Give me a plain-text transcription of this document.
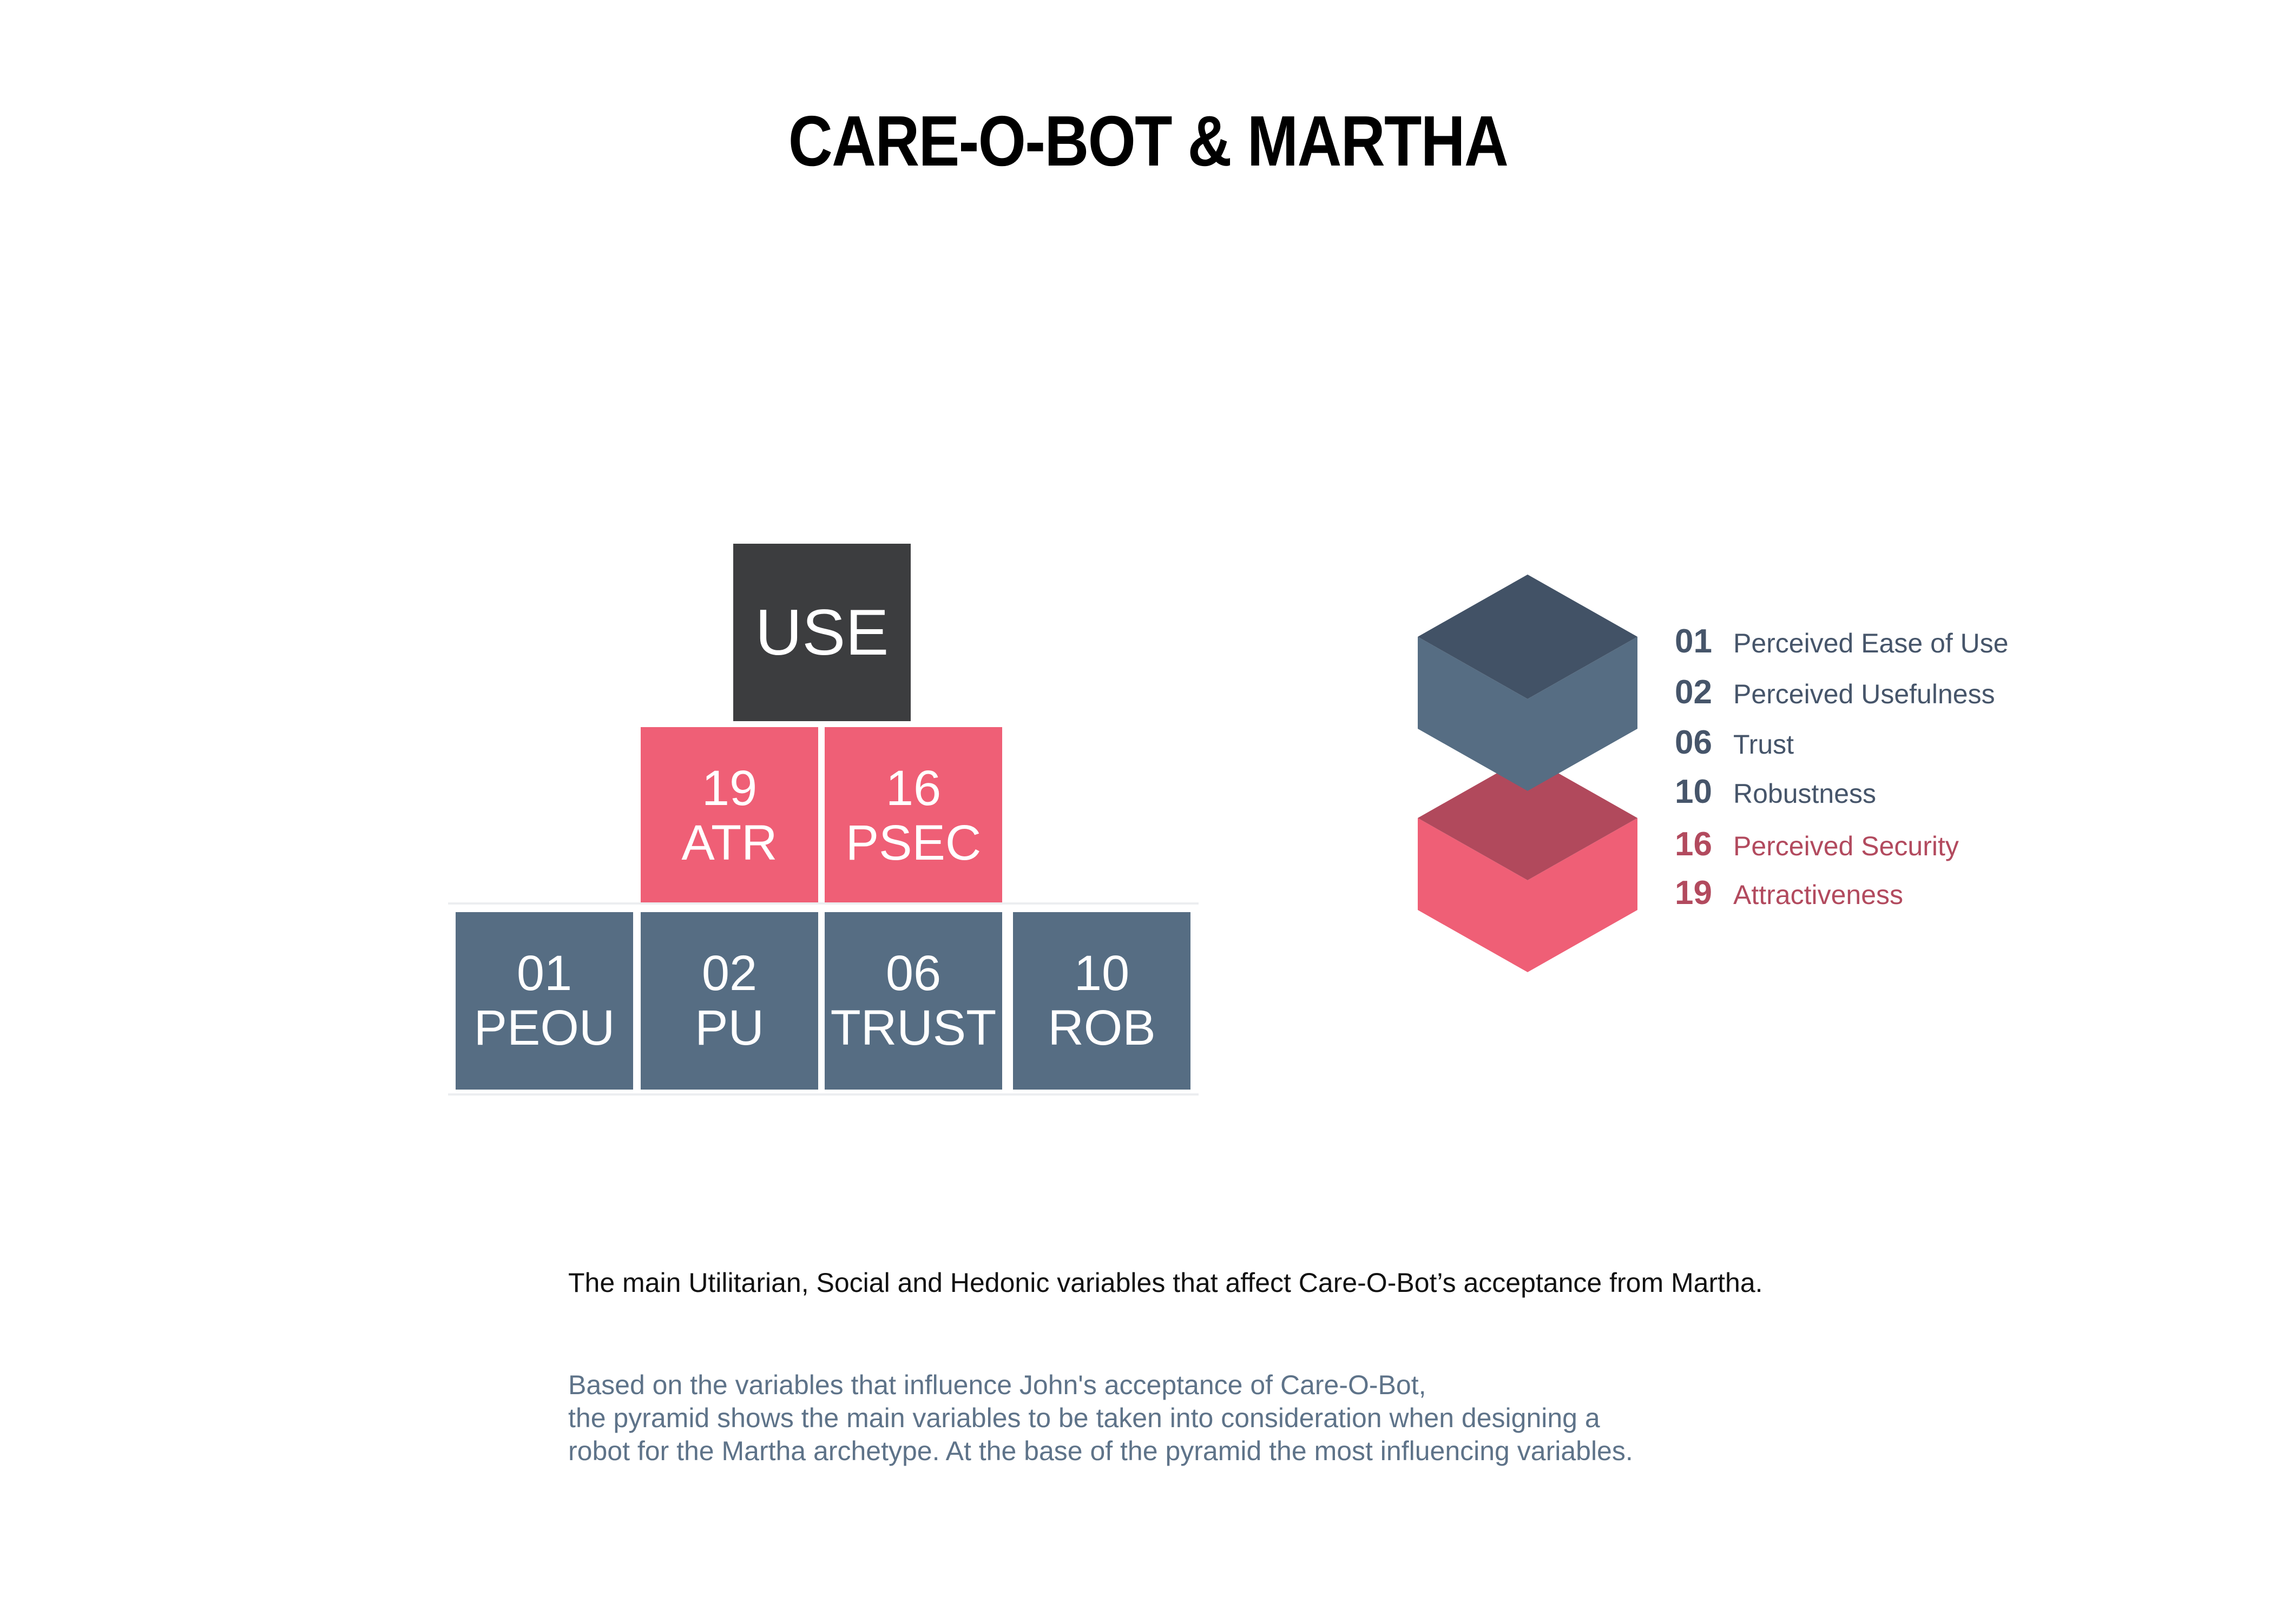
CARE-O-BOT & MARTHA
USE
19
ATR
16
PSEC
01
PEOU
02
PU
06
TRUST
10
ROB
01 Perceived Ease of Use
02 Perceived Usefulness
06 Trust
10 Robustness
16 Perceived Security
19 Attractiveness
The main Utilitarian, Social and Hedonic variables that affect Care-O-Bot’s acceptance from Martha.
Based on the variables that influence John's acceptance of Care-O-Bot,
the pyramid shows the main variables to be taken into consideration when designing a
robot for the Martha archetype. At the base of the pyramid the most influencing variables.
